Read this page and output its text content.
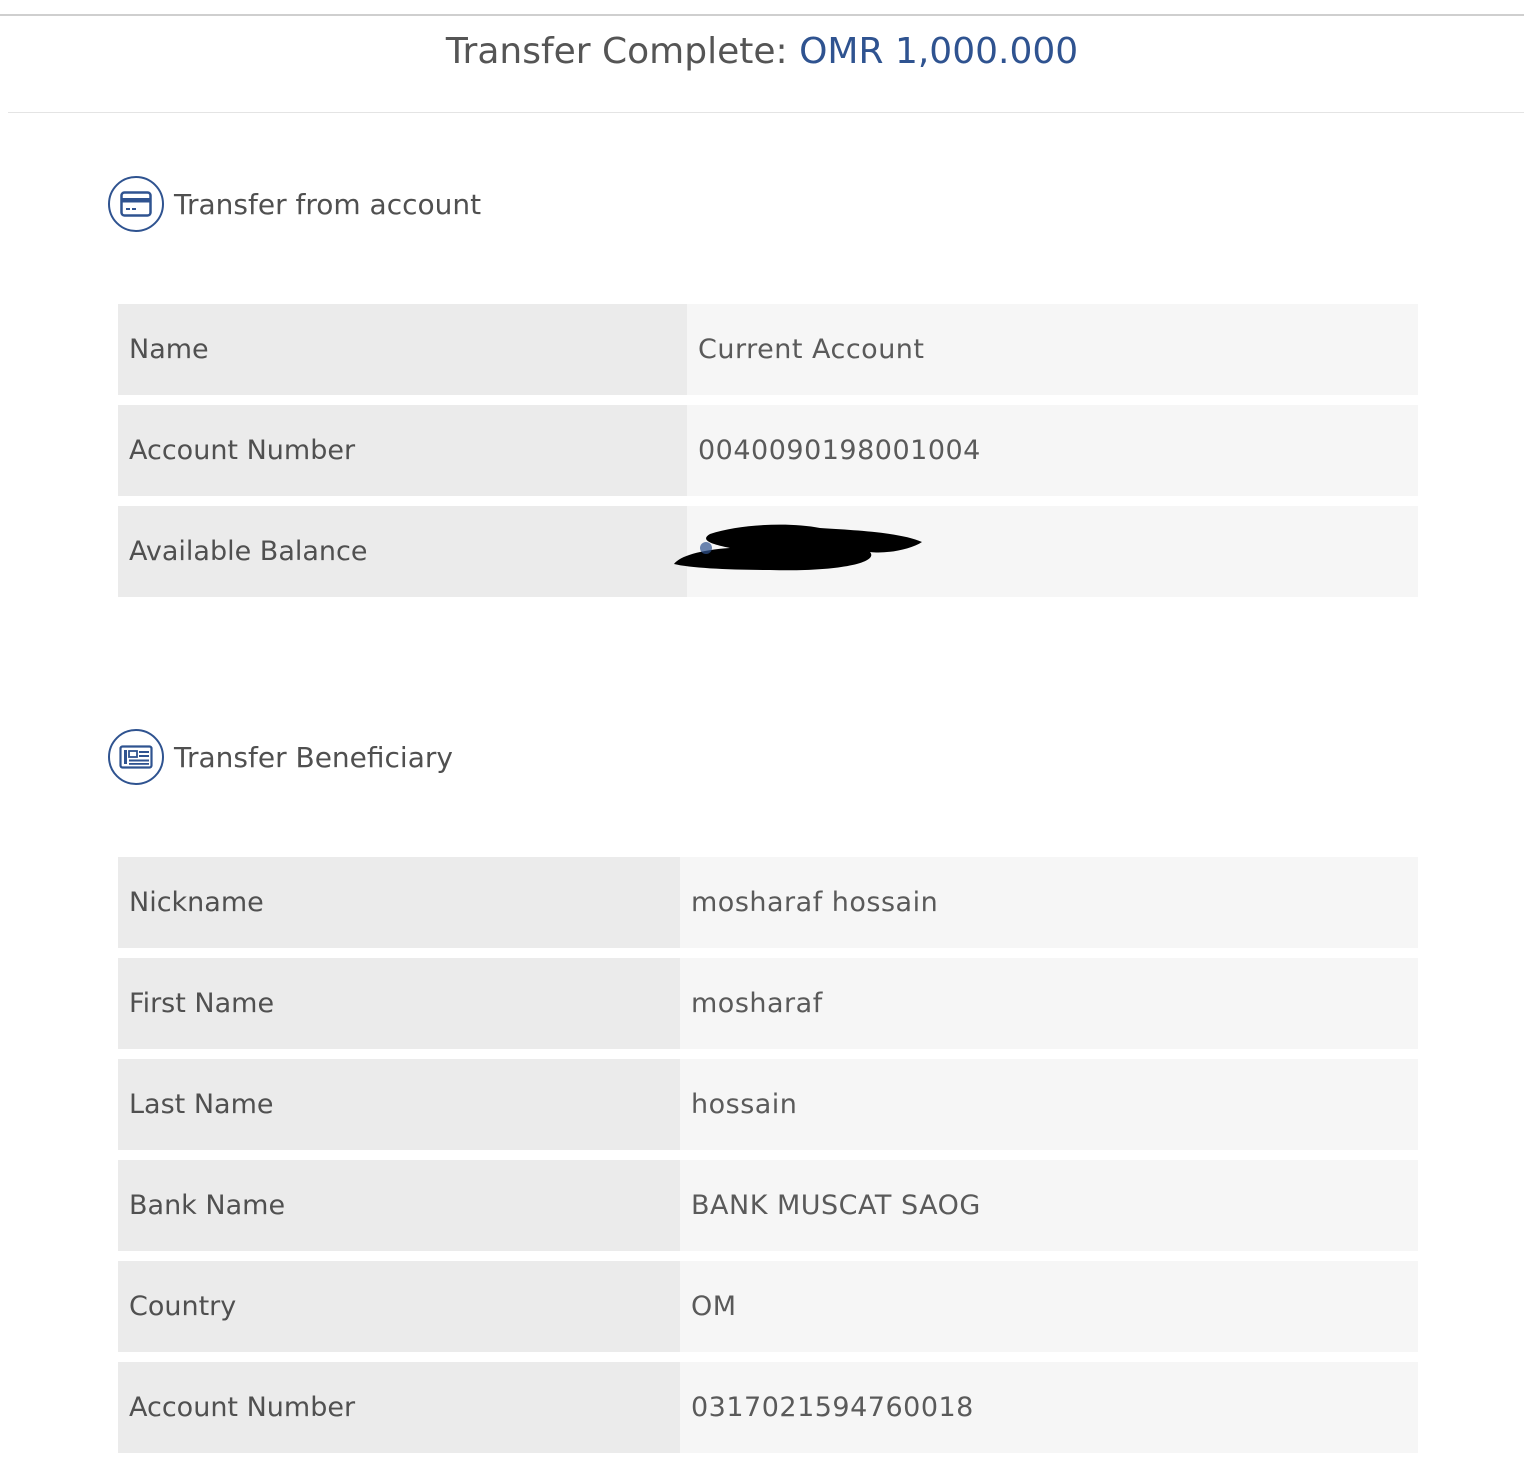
Transfer Complete: OMR 1,000.000
Transfer from account
Name	Current Account
Account Number	0040090198001004
Available Balance
Transfer Beneficiary
Nickname	mosharaf hossain
First Name	mosharaf
Last Name	hossain
Bank Name	BANK MUSCAT SAOG
Country	OM
Account Number	0317021594760018
